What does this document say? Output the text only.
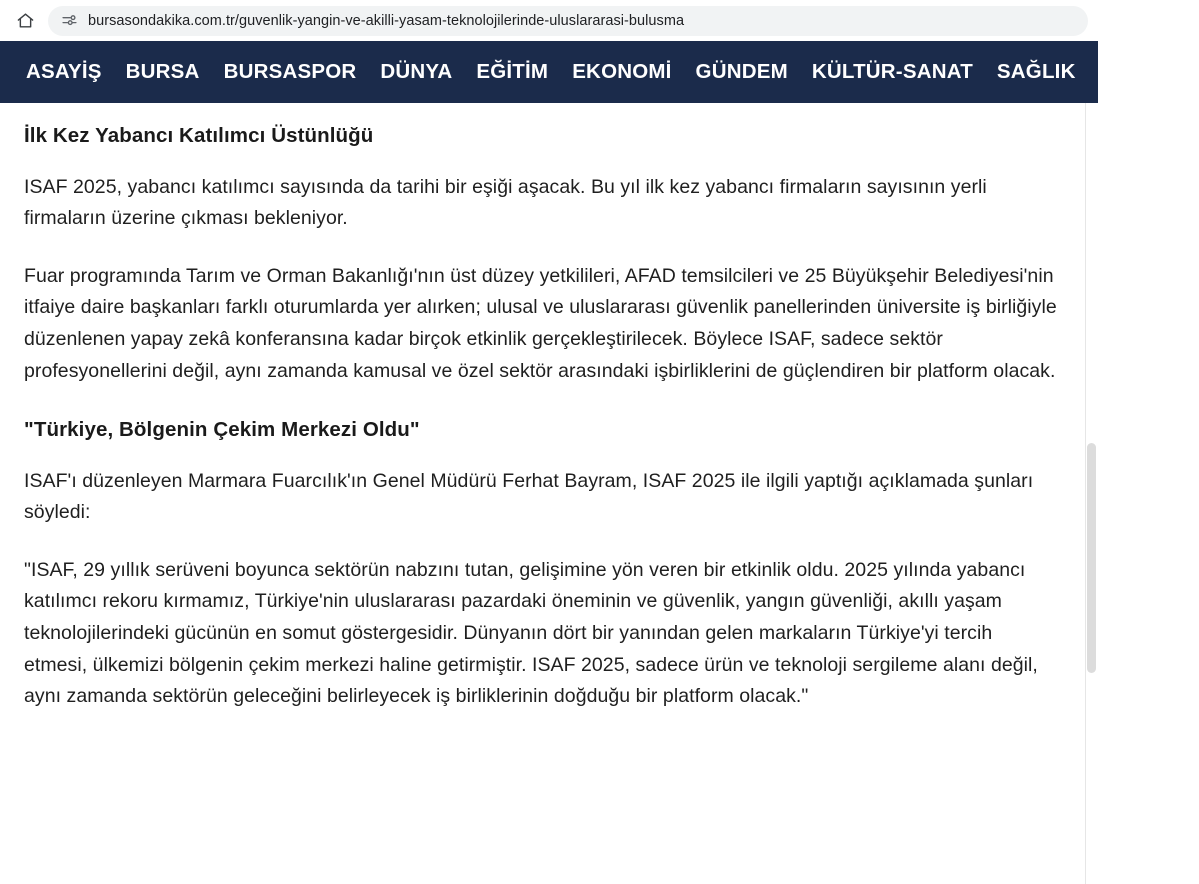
bursasondakika.com.tr/guvenlik-yangin-ve-akilli-yasam-teknolojilerinde-uluslararasi-bulusma
ASAYİŞ	BURSA	BURSASPOR	DÜNYA	EĞİTİM	EKONOMİ	GÜNDEM	KÜLTÜR-SANAT	SAĞLIK	SİYASET
İlk Kez Yabancı Katılımcı Üstünlüğü

ISAF 2025, yabancı katılımcı sayısında da tarihi bir eşiği aşacak. Bu yıl ilk kez yabancı firmaların sayısının yerli firmaların üzerine çıkması bekleniyor.

Fuar programında Tarım ve Orman Bakanlığı'nın üst düzey yetkilileri, AFAD temsilcileri ve 25 Büyükşehir Belediyesi'nin itfaiye daire başkanları farklı oturumlarda yer alırken; ulusal ve uluslararası güvenlik panellerinden üniversite iş birliğiyle düzenlenen yapay zekâ konferansına kadar birçok etkinlik gerçekleştirilecek. Böylece ISAF, sadece sektör profesyonellerini değil, aynı zamanda kamusal ve özel sektör arasındaki işbirliklerini de güçlendiren bir platform olacak.

"Türkiye, Bölgenin Çekim Merkezi Oldu"

ISAF'ı düzenleyen Marmara Fuarcılık'ın Genel Müdürü Ferhat Bayram, ISAF 2025 ile ilgili yaptığı açıklamada şunları söyledi:

"ISAF, 29 yıllık serüveni boyunca sektörün nabzını tutan, gelişimine yön veren bir etkinlik oldu. 2025 yılında yabancı katılımcı rekoru kırmamız, Türkiye'nin uluslararası pazardaki öneminin ve güvenlik, yangın güvenliği, akıllı yaşam teknolojilerindeki gücünün en somut göstergesidir. Dünyanın dört bir yanından gelen markaların Türkiye'yi tercih etmesi, ülkemizi bölgenin çekim merkezi haline getirmiştir. ISAF 2025, sadece ürün ve teknoloji sergileme alanı değil, aynı zamanda sektörün geleceğini belirleyecek iş birliklerinin doğduğu bir platform olacak."
